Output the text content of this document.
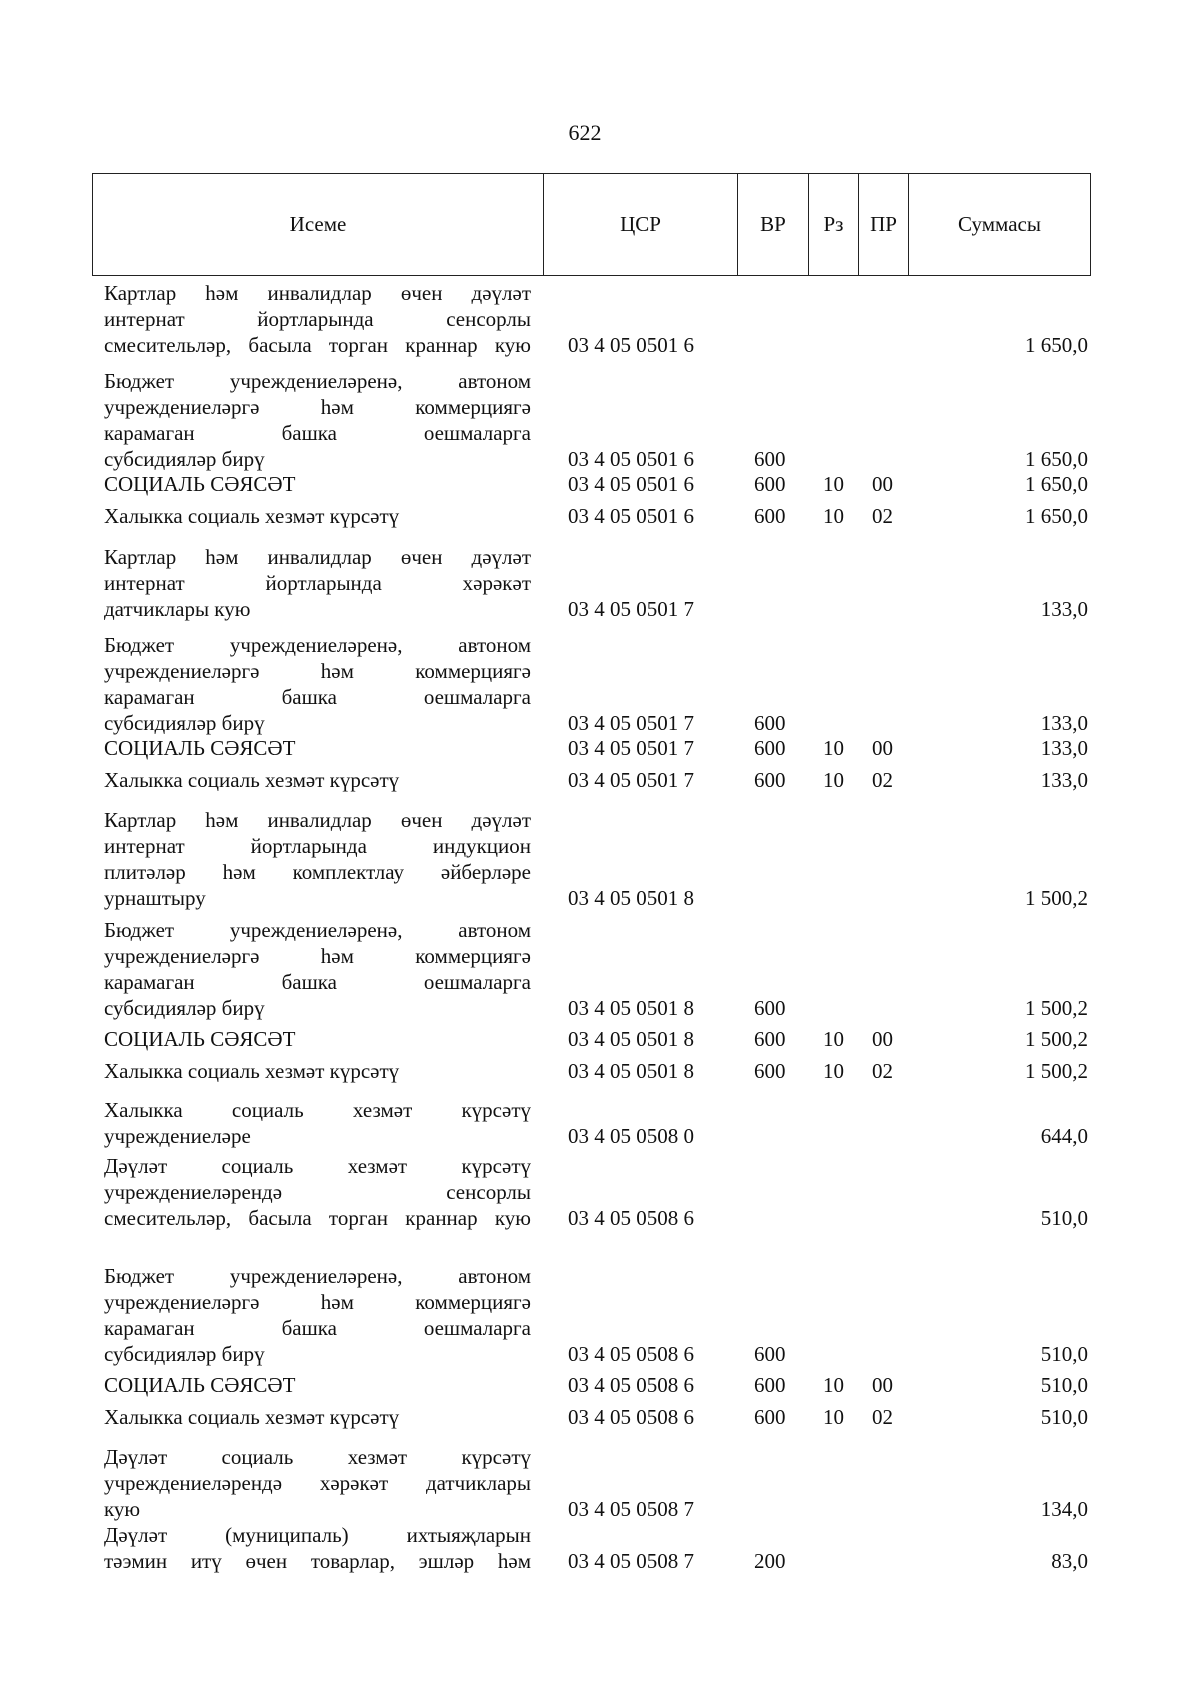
622
Исеме	ЦСР	ВР	Рз	ПР	Суммасы
Картлар һәм инвалидлар өчен дәүләт
интернат йортларында сенсорлы
смесительләр, басыла торган краннар кую 03 4 05 0501 6	1 650,0
Бюджет учреждениеләренә, автоном
учреждениеләргә һәм коммерциягә
карамаган башка оешмаларга
субсидияләр бирү	03 4 05 0501 6	600	1 650,0
СОЦИАЛЬ СӘЯСӘТ	03 4 05 0501 6	600 10 00	1 650,0
Халыкка социаль хезмәт күрсәтү	03 4 05 0501 6	600 10 02	1 650,0
Картлар һәм инвалидлар өчен дәүләт
интернат йортларында хәрәкәт
датчиклары кую	03 4 05 0501 7	133,0
Бюджет учреждениеләренә, автоном
учреждениеләргә һәм коммерциягә
карамаган башка оешмаларга
субсидияләр бирү	03 4 05 0501 7	600	133,0
СОЦИАЛЬ СӘЯСӘТ	03 4 05 0501 7	600 10 00	133,0
Халыкка социаль хезмәт күрсәтү	03 4 05 0501 7	600 10 02	133,0
Картлар һәм инвалидлар өчен дәүләт
интернат йортларында индукцион
плитәләр һәм комплектлау әйберләре
урнаштыру	03 4 05 0501 8	1 500,2
Бюджет учреждениеләренә, автоном
учреждениеләргә һәм коммерциягә
карамаган башка оешмаларга
субсидияләр бирү	03 4 05 0501 8	600	1 500,2
СОЦИАЛЬ СӘЯСӘТ	03 4 05 0501 8	600 10 00	1 500,2
Халыкка социаль хезмәт күрсәтү	03 4 05 0501 8	600 10 02	1 500,2
Халыкка социаль хезмәт күрсәтү
учреждениеләре	03 4 05 0508 0	644,0
Дәүләт социаль хезмәт күрсәтү
учреждениеләрендә сенсорлы
смесительләр, басыла торган краннар кую 03 4 05 0508 6	510,0
Бюджет учреждениеләренә, автоном
учреждениеләргә һәм коммерциягә
карамаган башка оешмаларга
субсидияләр бирү	03 4 05 0508 6	600	510,0
СОЦИАЛЬ СӘЯСӘТ	03 4 05 0508 6	600 10 00	510,0
Халыкка социаль хезмәт күрсәтү	03 4 05 0508 6	600 10 02	510,0
Дәүләт социаль хезмәт күрсәтү
учреждениеләрендә хәрәкәт датчиклары
кую	03 4 05 0508 7	134,0
Дәүләт (муниципаль) ихтыяҗларын
тәэмин итү өчен товарлар, эшләр һәм 03 4 05 0508 7	200	83,0
